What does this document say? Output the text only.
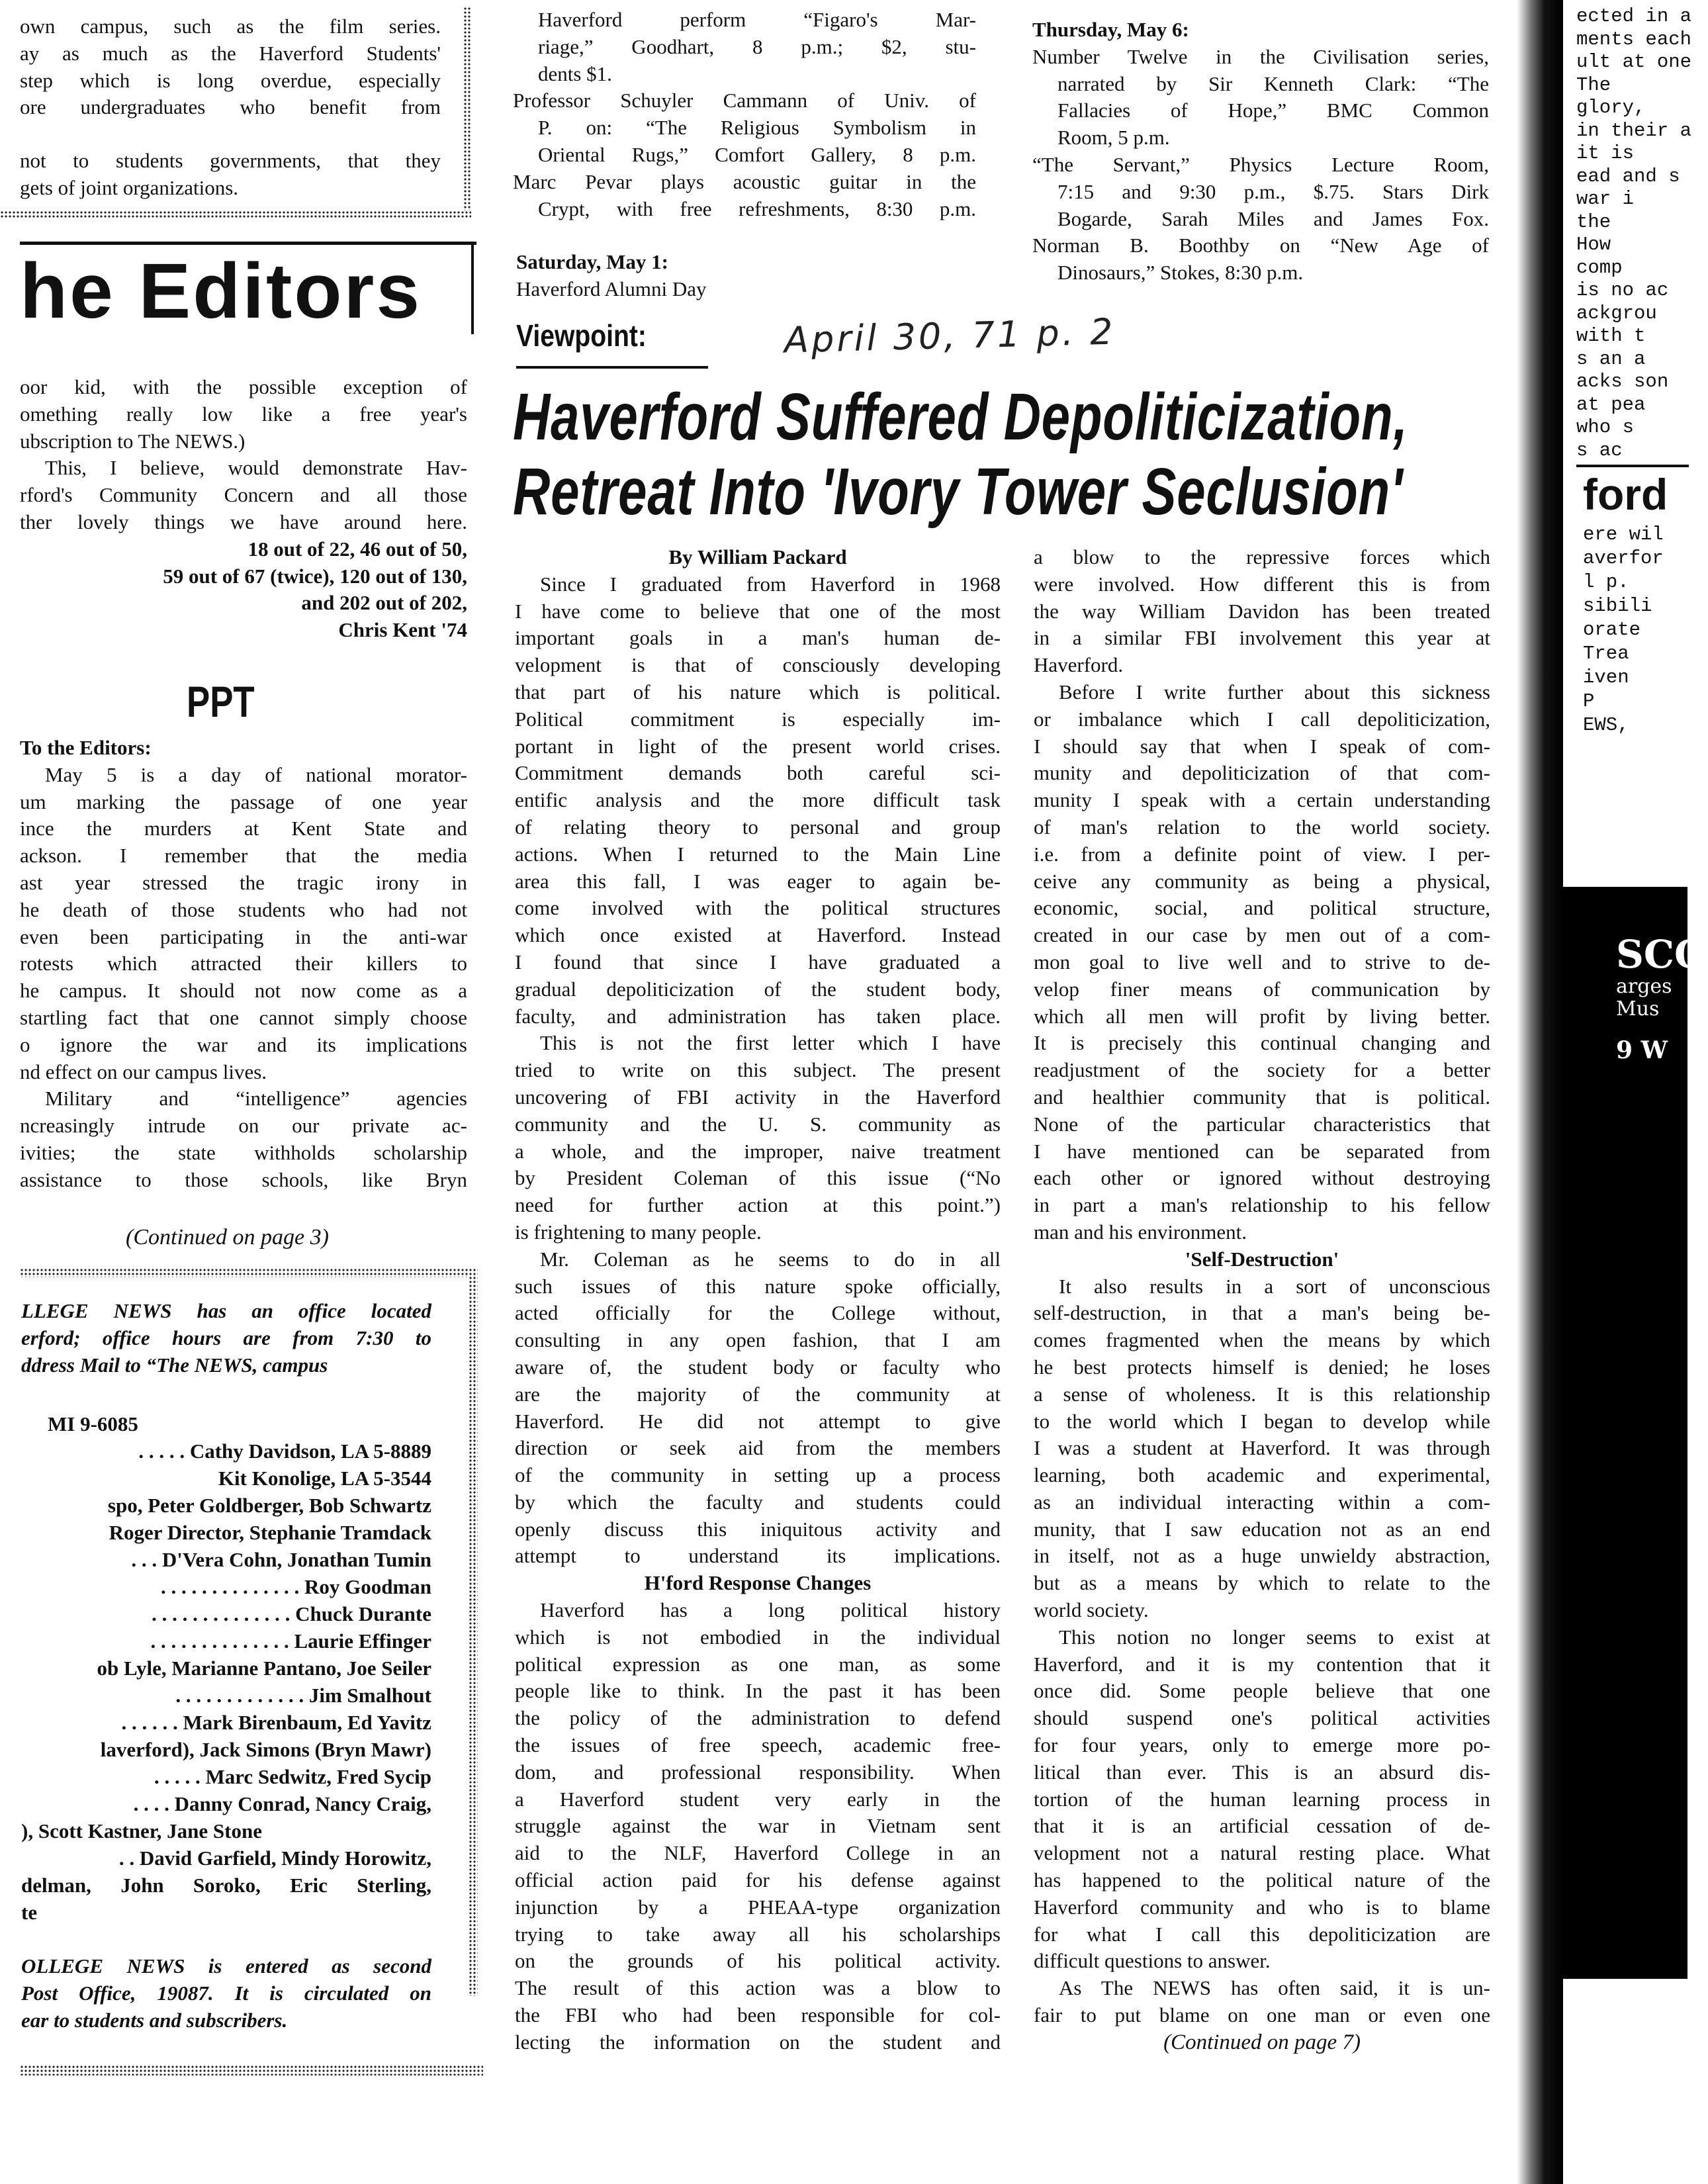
own campus, such as the film series.
ay as much as the Haverford Students'
step which is long overdue, especially
ore undergraduates who benefit from
not to students governments, that they
gets of joint organizations.
he Editors
oor kid, with the possible exception of
omething really low like a free year's
ubscription to The NEWS.)
This, I believe, would demonstrate Hav-
rford's Community Concern and all those
ther lovely things we have around here.
18 out of 22, 46 out of 50,
59 out of 67 (twice), 120 out of 130,
and 202 out of 202,
Chris Kent '74
PPT
To the Editors:
May 5 is a day of national morator-
um marking the passage of one year
ince the murders at Kent State and
ackson. I remember that the media
ast year stressed the tragic irony in
he death of those students who had not
even been participating in the anti-war
rotests which attracted their killers to
he campus. It should not now come as a
startling fact that one cannot simply choose
o ignore the war and its implications
nd effect on our campus lives.
Military and “intelligence” agencies
ncreasingly intrude on our private ac-
ivities; the state withholds scholarship
assistance to those schools, like Bryn
(Continued on page 3)
LLEGE NEWS has an office located
erford; office hours are from 7:30 to
ddress Mail to “The NEWS, campus
MI 9-6085
. . . . . Cathy Davidson, LA 5-8889
Kit Konolige, LA 5-3544
spo, Peter Goldberger, Bob Schwartz
Roger Director, Stephanie Tramdack
. . . D'Vera Cohn, Jonathan Tumin
. . . . . . . . . . . . . . Roy Goodman
. . . . . . . . . . . . . . Chuck Durante
. . . . . . . . . . . . . . Laurie Effinger
ob Lyle, Marianne Pantano, Joe Seiler
. . . . . . . . . . . . . Jim Smalhout
. . . . . . Mark Birenbaum, Ed Yavitz
laverford), Jack Simons (Bryn Mawr)
. . . . . Marc Sedwitz, Fred Sycip
. . . . Danny Conrad, Nancy Craig,
), Scott Kastner, Jane Stone
. . David Garfield, Mindy Horowitz,
delman, John Soroko, Eric Sterling,
te
OLLEGE NEWS is entered as second
Post Office, 19087. It is circulated on
ear to students and subscribers.
Haverford perform “Figaro's Mar-
riage,” Goodhart, 8 p.m.; $2, stu-
dents $1.
Professor Schuyler Cammann of Univ. of
P. on: “The Religious Symbolism in
Oriental Rugs,” Comfort Gallery, 8 p.m.
Marc Pevar plays acoustic guitar in the
Crypt, with free refreshments, 8:30 p.m.
Saturday, May 1:
Haverford Alumni Day
Thursday, May 6:
Number Twelve in the Civilisation series,
narrated by Sir Kenneth Clark: “The
Fallacies of Hope,” BMC Common
Room, 5 p.m.
“The Servant,” Physics Lecture Room,
7:15 and 9:30 p.m., $.75. Stars Dirk
Bogarde, Sarah Miles and James Fox.
Norman B. Boothby on “New Age of
Dinosaurs,” Stokes, 8:30 p.m.
Viewpoint:	April 30, 71 p. 2
Haverford Suffered Depoliticization,
Retreat Into 'Ivory Tower Seclusion'
By William Packard
Since I graduated from Haverford in 1968
I have come to believe that one of the most
important goals in a man's human de-
velopment is that of consciously developing
that part of his nature which is political.
Political commitment is especially im-
portant in light of the present world crises.
Commitment demands both careful sci-
entific analysis and the more difficult task
of relating theory to personal and group
actions. When I returned to the Main Line
area this fall, I was eager to again be-
come involved with the political structures
which once existed at Haverford. Instead
I found that since I have graduated a
gradual depoliticization of the student body,
faculty, and administration has taken place.
This is not the first letter which I have
tried to write on this subject. The present
uncovering of FBI activity in the Haverford
community and the U. S. community as
a whole, and the improper, naive treatment
by President Coleman of this issue (“No
need for further action at this point.”)
is frightening to many people.
Mr. Coleman as he seems to do in all
such issues of this nature spoke officially,
acted officially for the College without,
consulting in any open fashion, that I am
aware of, the student body or faculty who
are the majority of the community at
Haverford. He did not attempt to give
direction or seek aid from the members
of the community in setting up a process
by which the faculty and students could
openly discuss this iniquitous activity and
attempt to understand its implications.
H'ford Response Changes
Haverford has a long political history
which is not embodied in the individual
political expression as one man, as some
people like to think. In the past it has been
the policy of the administration to defend
the issues of free speech, academic free-
dom, and professional responsibility. When
a Haverford student very early in the
struggle against the war in Vietnam sent
aid to the NLF, Haverford College in an
official action paid for his defense against
injunction by a PHEAA-type organization
trying to take away all his scholarships
on the grounds of his political activity.
The result of this action was a blow to
the FBI who had been responsible for col-
lecting the information on the student and
a blow to the repressive forces which
were involved. How different this is from
the way William Davidon has been treated
in a similar FBI involvement this year at
Haverford.
Before I write further about this sickness
or imbalance which I call depoliticization,
I should say that when I speak of com-
munity and depoliticization of that com-
munity I speak with a certain understanding
of man's relation to the world society.
i.e. from a definite point of view. I per-
ceive any community as being a physical,
economic, social, and political structure,
created in our case by men out of a com-
mon goal to live well and to strive to de-
velop finer means of communication by
which all men will profit by living better.
It is precisely this continual changing and
readjustment of the society for a better
and healthier community that is political.
None of the particular characteristics that
I have mentioned can be separated from
each other or ignored without destroying
in part a man's relationship to his fellow
man and his environment.
'Self-Destruction'
It also results in a sort of unconscious
self-destruction, in that a man's being be-
comes fragmented when the means by which
he best protects himself is denied; he loses
a sense of wholeness. It is this relationship
to the world which I began to develop while
I was a student at Haverford. It was through
learning, both academic and experimental,
as an individual interacting within a com-
munity, that I saw education not as an end
in itself, not as a huge unwieldy abstraction,
but as a means by which to relate to the
world society.
This notion no longer seems to exist at
Haverford, and it is my contention that it
once did. Some people believe that one
should suspend one's political activities
for four years, only to emerge more po-
litical than ever. This is an absurd dis-
tortion of the human learning process in
that it is an artificial cessation of de-
velopment not a natural resting place. What
has happened to the political nature of the
Haverford community and who is to blame
for what I call this depoliticization are
difficult questions to answer.
As The NEWS has often said, it is un-
fair to put blame on one man or even one
(Continued on page 7)
ected in a
ments each
ult at one
The
glory,
in their a
it is
ead and s
war i
the
How
comp
is no ac
ackgrou
with t
s an a
acks son
at pea
who s
s ac
ford
ere wil
averfor
l p.
sibili
orate
Trea
iven
P
EWS,
SCO
arges
Mus
9 W
